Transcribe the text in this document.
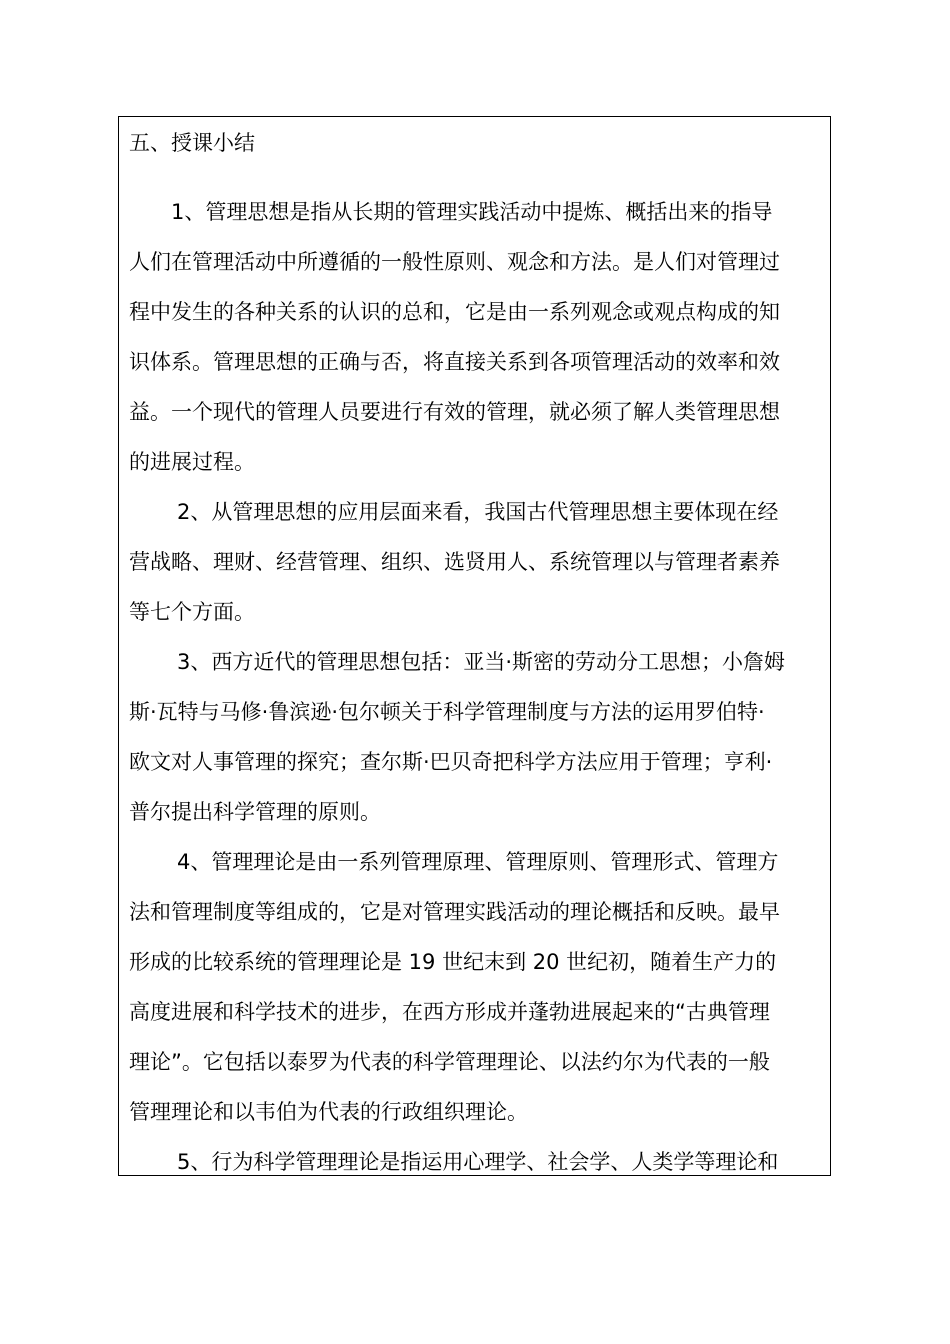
五、授课小结
1、管理思想是指从长期的管理实践活动中提炼、概括出来的指导
人们在管理活动中所遵循的一般性原则、观念和方法。是人们对管理过
程中发生的各种关系的认识的总和，它是由一系列观念或观点构成的知
识体系。管理思想的正确与否，将直接关系到各项管理活动的效率和效
益。一个现代的管理人员要进行有效的管理，就必须了解人类管理思想
的进展过程。
2、从管理思想的应用层面来看，我国古代管理思想主要体现在经
营战略、理财、经营管理、组织、选贤用人、系统管理以与管理者素养
等七个方面。
3、西方近代的管理思想包括：亚当·斯密的劳动分工思想；小詹姆
斯·瓦特与马修·鲁滨逊·包尔顿关于科学管理制度与方法的运用罗伯特·
欧文对人事管理的探究；查尔斯·巴贝奇把科学方法应用于管理；亨利·
普尔提出科学管理的原则。
4、管理理论是由一系列管理原理、管理原则、管理形式、管理方
法和管理制度等组成的，它是对管理实践活动的理论概括和反映。最早
形成的比较系统的管理理论是 19 世纪末到 20 世纪初，随着生产力的
高度进展和科学技术的进步，在西方形成并蓬勃进展起来的“古典管理
理论”。它包括以泰罗为代表的科学管理理论、以法约尔为代表的一般
管理理论和以韦伯为代表的行政组织理论。
5、行为科学管理理论是指运用心理学、社会学、人类学等理论和
